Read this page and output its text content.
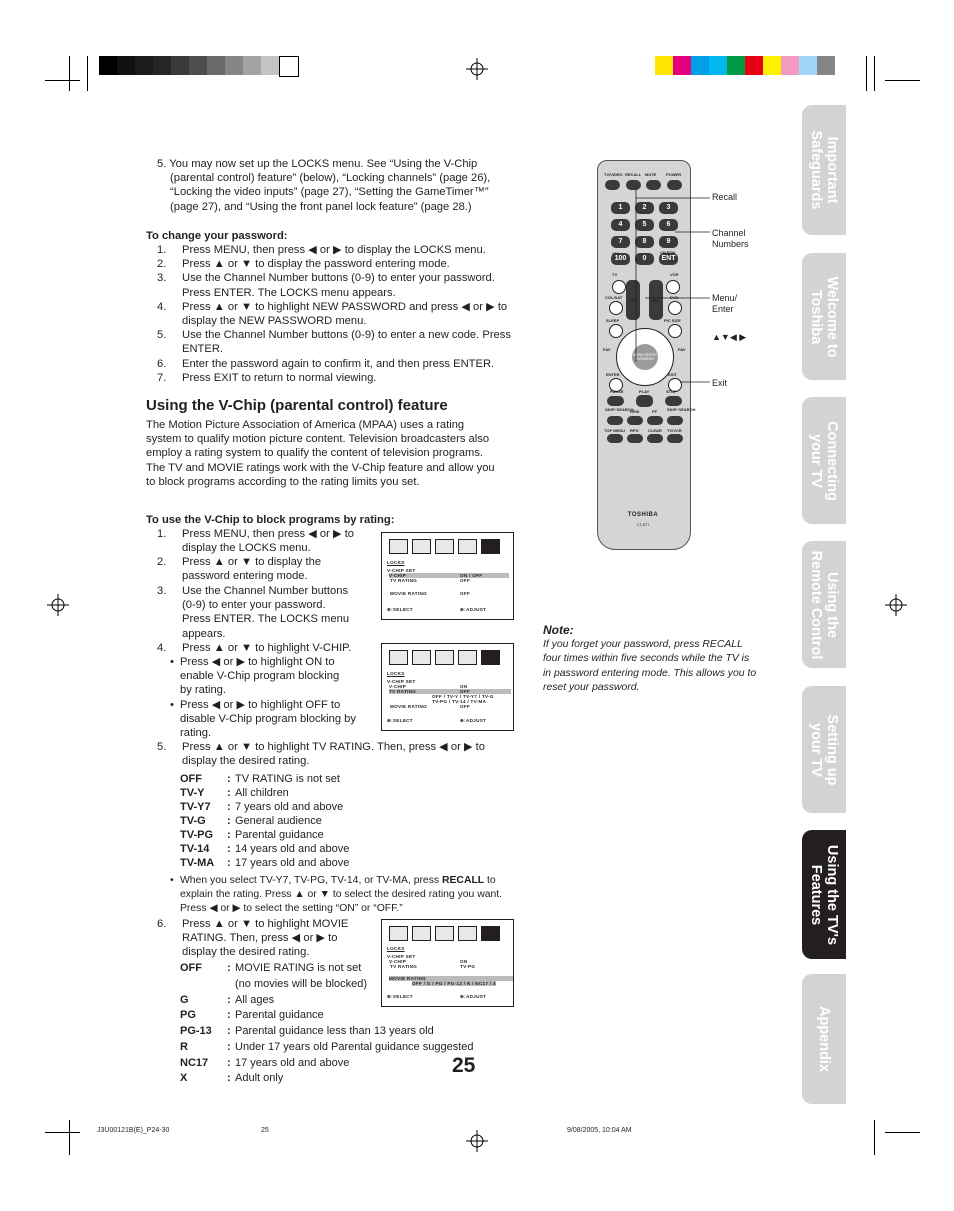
5. You may now set up the LOCKS menu. See “Using the V-Chip
(parental control) feature” (below), “Locking channels” (page 26),
“Locking the video inputs” (page 27), “Setting the GameTimer™”
(page 27), and “Using the front panel lock feature” (page 28.)
To change your password:
1. Press MENU, then press ◀ or ▶ to display the LOCKS menu.
2. Press ▲ or ▼ to display the password entering mode.
3. Use the Channel Number buttons (0-9) to enter your password.
Press ENTER. The LOCKS menu appears.
4. Press ▲ or ▼ to highlight NEW PASSWORD and press ◀ or ▶ to
display the NEW PASSWORD menu.
5. Use the Channel Number buttons (0-9) to enter a new code. Press
ENTER.
6. Enter the password again to confirm it, and then press ENTER.
7. Press EXIT to return to normal viewing.
Using the V-Chip (parental control) feature
The Motion Picture Association of America (MPAA) uses a rating
system to qualify motion picture content. Television broadcasters also
employ a rating system to qualify the content of television programs.
The TV and MOVIE ratings work with the V-Chip feature and allow you
to block programs according to the rating limits you set.
To use the V-Chip to block programs by rating:
1. Press MENU, then press ◀ or ▶ to
display the LOCKS menu.
2. Press ▲ or ▼ to display the
password entering mode.
3. Use the Channel Number buttons
(0-9) to enter your password.
Press ENTER. The LOCKS menu
appears.
4. Press ▲ or ▼ to highlight V-CHIP.
• Press ◀ or ▶ to highlight ON to
enable V-Chip program blocking
by rating.
• Press ◀ or ▶ to highlight OFF to
disable V-Chip program blocking by
rating.
5. Press ▲ or ▼ to highlight TV RATING. Then, press ◀ or ▶ to
display the desired rating.
OFF : TV RATING is not set
TV-Y : All children
TV-Y7 : 7 years old and above
TV-G : General audience
TV-PG : Parental guidance
TV-14 : 14 years old and above
TV-MA : 17 years old and above
• When you select TV-Y7, TV-PG, TV-14, or TV-MA, press RECALL to
explain the rating. Press ▲ or ▼ to select the desired rating you want.
Press ◀ or ▶ to select the setting “ON” or “OFF.”
6. Press ▲ or ▼ to highlight MOVIE
RATING. Then, press ◀ or ▶ to
display the desired rating.
OFF : MOVIE RATING is not set
(no movies will be blocked)
G	: All ages
PG	: Parental guidance
PG-13 : Parental guidance less than 13 years old
R	: Under 17 years old Parental guidance suggested
NC17 : 17 years old and above
X	: Adult only
LOCKS
V-CHIP SET
V-CHIP	ON / OFF
TV RATING	OFF
MOVIE RATING	OFF
⊕:SELECT	⊕:ADJUST
LOCKS
V-CHIP SET
V-CHIP	ON
TV RATING	OFF
OFF / TV-Y / TV-Y7 / TV-G
TV-PG / TV-14 / TV-MA
MOVIE RATING	OFF
⊕:SELECT	⊕:ADJUST
LOCKS
V-CHIP SET
V-CHIP	ON
TV RATING	TV-PG
MOVIE RATING
OFF / G / PG / PG-13 / R / NC17 / X
⊕:SELECT	⊕:ADJUST
TV/VIDEO RECALL MUTE POWER
1	2	3
4	5	6
7	8	9
100	0	ENT
+10	CH RTN
TV	VCR
COL/SAT	DVD
CH	VOL
SLEEP	PIC SIZE
MENU ENTER DVDMENU
FAV	FAV
ENTER	EXIT
PAUSE	PLAY	STOP
SKIP/ SEARCH
REW	FF	SKIP/ SEARCH
TOP MENU RPG CLEAR TV/VCR
TOSHIBA
CT-877
Recall
Channel
Numbers
Menu/
Enter
▲▼◀ ▶
Exit
Note:
If you forget your password, press RECALL
four times within five seconds while the TV is
in password entering mode. This allows you to
reset your password.
Important
Safeguards
Welcome to
Toshiba
Connecting
your TV
Using the
Remote Control
Setting up
your TV
Using the TV's
Features
Appendix
25
J3U00121B(E)_P24-30	25	9/08/2005, 10:04 AM
